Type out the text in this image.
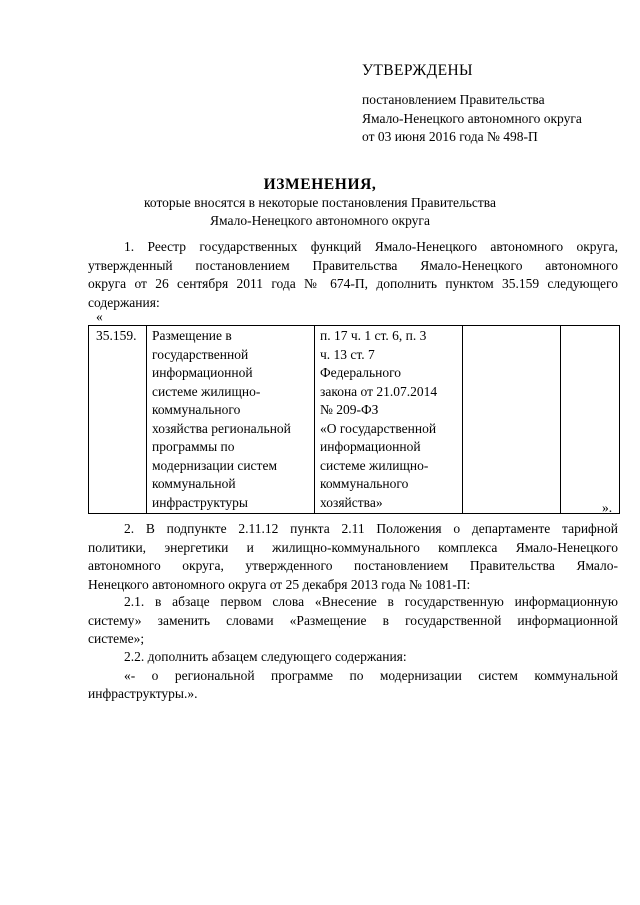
УТВЕРЖДЕНЫ
постановлением Правительства
Ямало-Ненецкого автономного округа
от 03 июня 2016 года № 498-П
ИЗМЕНЕНИЯ,
которые вносятся в некоторые постановления Правительства
Ямало-Ненецкого автономного округа
1. Реестр государственных функций Ямало-Ненецкого автономного округа,
утвержденный постановлением Правительства Ямало-Ненецкого автономного
округа от 26 сентября 2011 года № 674-П, дополнить пунктом 35.159 следующего
содержания:
«
35.159.	Размещение в
государственной
информационной
системе жилищно-
коммунального
хозяйства региональной
программы по
модернизации систем
коммунальной
инфраструктуры	п. 17 ч. 1 ст. 6, п. 3
ч. 13 ст. 7
Федерального
закона от 21.07.2014
№ 209-ФЗ
«О государственной
информационной
системе жилищно-
коммунального
хозяйства»			».
2. В подпункте 2.11.12 пункта 2.11 Положения о департаменте тарифной
политики, энергетики и жилищно-коммунального комплекса Ямало-Ненецкого
автономного округа, утвержденного постановлением Правительства Ямало-
Ненецкого автономного округа от 25 декабря 2013 года № 1081-П:
2.1. в абзаце первом слова «Внесение в государственную информационную
систему» заменить словами «Размещение в государственной информационной
системе»;
2.2. дополнить абзацем следующего содержания:
«- о региональной программе по модернизации систем коммунальной
инфраструктуры.».
